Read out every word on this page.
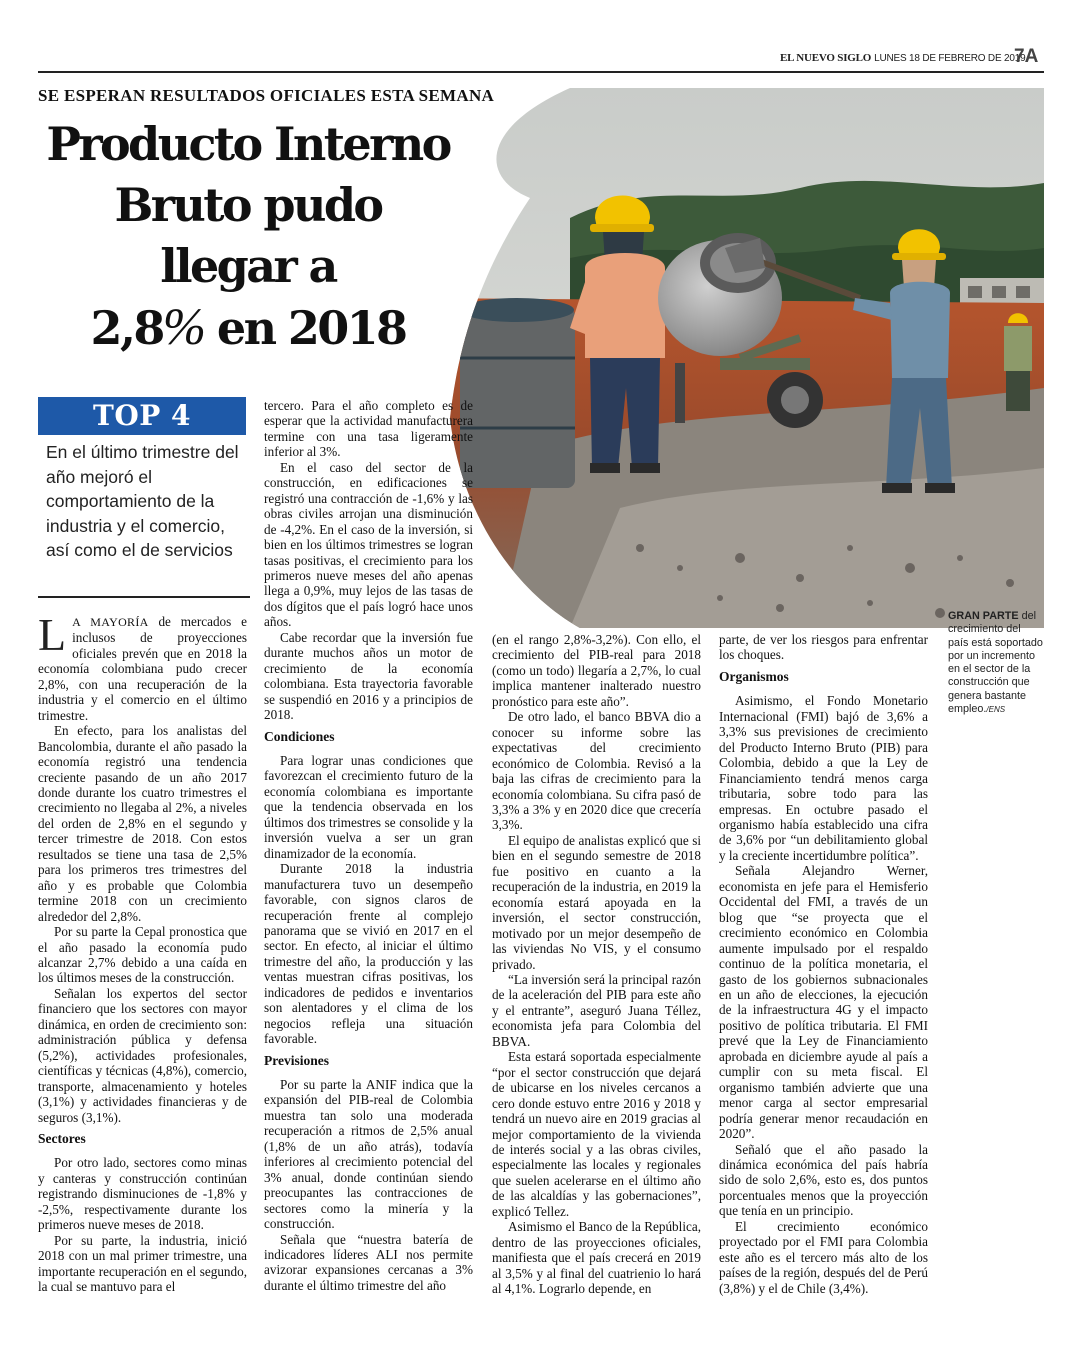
EL NUEVO SIGLO LUNES 18 DE FEBRERO DE 2019
7A
SE ESPERAN RESULTADOS OFICIALES ESTA SEMANA
Producto Interno
Bruto pudo
llegar a
2,8% en 2018
TOP 4
En el último trimestre del año mejoró el comportamiento de la industria y el comercio, así como el de servicios

L A MAYORÍA de mercados e inclusos de proyecciones oficiales prevén que en 2018 la economía colombiana pudo crecer 2,8%, con una recuperación de la industria y el comercio en el último trimestre.

En efecto, para los analistas del Bancolombia, durante el año pasado la economía registró una tendencia creciente pasando de un año 2017 donde durante los cuatro trimestres el crecimiento no llegaba al 2%, a niveles del orden de 2,8% en el segundo y tercer trimestre de 2018. Con estos resultados se tiene una tasa de 2,5% para los primeros tres trimestres del año y es probable que Colombia termine 2018 con un crecimiento alrededor del 2,8%.

Por su parte la Cepal pronostica que el año pasado la economía pudo alcanzar 2,7% debido a una caída en los últimos meses de la construcción.

Señalan los expertos del sector financiero que los sectores con mayor dinámica, en orden de crecimiento son: administración pública y defensa (5,2%), actividades profesionales, científicas y técnicas (4,8%), comercio, transporte, almacenamiento y hoteles (3,1%) y actividades financieras y de seguros (3,1%).

Sectores

Por otro lado, sectores como minas y canteras y construcción continúan registrando disminuciones de -1,8% y -2,5%, respectivamente durante los primeros nueve meses de 2018.

Por su parte, la industria, inició 2018 con un mal primer trimestre, una importante recuperación en el segundo, la cual se mantuvo para el

tercero. Para el año completo es de esperar que la actividad manufacturera termine con una tasa ligeramente inferior al 3%.

En el caso del sector de la construcción, en edificaciones se registró una contracción de -1,6% y las obras civiles arrojan una disminución de -4,2%. En el caso de la inversión, si bien en los últimos trimestres se logran tasas positivas, el crecimiento para los primeros nueve meses del año apenas llega a 0,9%, muy lejos de las tasas de dos dígitos que el país logró hace unos años.

Cabe recordar que la inversión fue durante muchos años un motor de crecimiento de la economía colombiana. Esta trayectoria favorable se suspendió en 2016 y a principios de 2018.

Condiciones

Para lograr unas condiciones que favorezcan el crecimiento futuro de la economía colombiana es importante que la tendencia observada en los últimos dos trimestres se consolide y la inversión vuelva a ser un gran dinamizador de la economía.

Durante 2018 la industria manufacturera tuvo un desempeño favorable, con signos claros de recuperación frente al complejo panorama que se vivió en 2017 en el sector. En efecto, al iniciar el último trimestre del año, la producción y las ventas muestran cifras positivas, los indicadores de pedidos e inventarios son alentadores y el clima de los negocios refleja una situación favorable.

Previsiones

Por su parte la ANIF indica que la expansión del PIB-real de Colombia muestra tan solo una moderada recuperación a ritmos de 2,5% anual (1,8% de un año atrás), todavía inferiores al crecimiento potencial del 3% anual, donde continúan siendo preocupantes las contracciones de sectores como la minería y la construcción.

Señala que “nuestra batería de indicadores líderes ALI nos permite avizorar expansiones cercanas a 3% durante el último trimestre del año

(en el rango 2,8%-3,2%). Con ello, el crecimiento del PIB-real para 2018 (como un todo) llegaría a 2,7%, lo cual implica mantener inalterado nuestro pronóstico para este año”.

De otro lado, el banco BBVA dio a conocer su informe sobre las expectativas del crecimiento económico de Colombia. Revisó a la baja las cifras de crecimiento para la economía colombiana. Su cifra pasó de 3,3% a 3% y en 2020 dice que crecería 3,3%.

El equipo de analistas explicó que si bien en el segundo semestre de 2018 fue positivo en cuanto a la recuperación de la industria, en 2019 la economía estará apoyada en la inversión, el sector construcción, motivado por un mejor desempeño de las viviendas No VIS, y el consumo privado.

“La inversión será la principal razón de la aceleración del PIB para este año y el entrante”, aseguró Juana Téllez, economista jefa para Colombia del BBVA.

Esta estará soportada especialmente “por el sector construcción que dejará de ubicarse en los niveles cercanos a cero donde estuvo entre 2016 y 2018 y tendrá un nuevo aire en 2019 gracias al mejor comportamiento de la vivienda de interés social y a las obras civiles, especialmente las locales y regionales que suelen acelerarse en el último año de las alcaldías y las gobernaciones”, explicó Tellez.

Asimismo el Banco de la República, dentro de las proyecciones oficiales, manifiesta que el país crecerá en 2019 al 3,5% y al final del cuatrienio lo hará al 4,1%. Lograrlo depende, en

parte, de ver los riesgos para enfrentar los choques.

Organismos

Asimismo, el Fondo Monetario Internacional (FMI) bajó de 3,6% a 3,3% sus previsiones de crecimiento del Producto Interno Bruto (PIB) para Colombia, debido a que la Ley de Financiamiento tendrá menos carga tributaria, sobre todo para las empresas. En octubre pasado el organismo había establecido una cifra de 3,6% por “un debilitamiento global y la creciente incertidumbre política”.

Señala Alejandro Werner, economista en jefe para el Hemisferio Occidental del FMI, a través de un blog que “se proyecta que el crecimiento económico en Colombia aumente impulsado por el respaldo continuo de la política monetaria, el gasto de los gobiernos subnacionales en un año de elecciones, la ejecución de la infraestructura 4G y el impacto positivo de política tributaria. El FMI prevé que la Ley de Financiamiento aprobada en diciembre ayude al país a cumplir con su meta fiscal. El organismo también advierte que una menor carga al sector empresarial podría generar menor recaudación en 2020”.

Señaló que el año pasado la dinámica económica del país habría sido de solo 2,6%, esto es, dos puntos porcentuales menos que la proyección que tenía en un principio.

El crecimiento económico proyectado por el FMI para Colombia este año es el tercero más alto de los países de la región, después del de Perú (3,8%) y el de Chile (3,4%).

GRAN PARTE del crecimiento del país está soportado por un incremento en el sector de la construcción que genera bastante empleo./ENS
